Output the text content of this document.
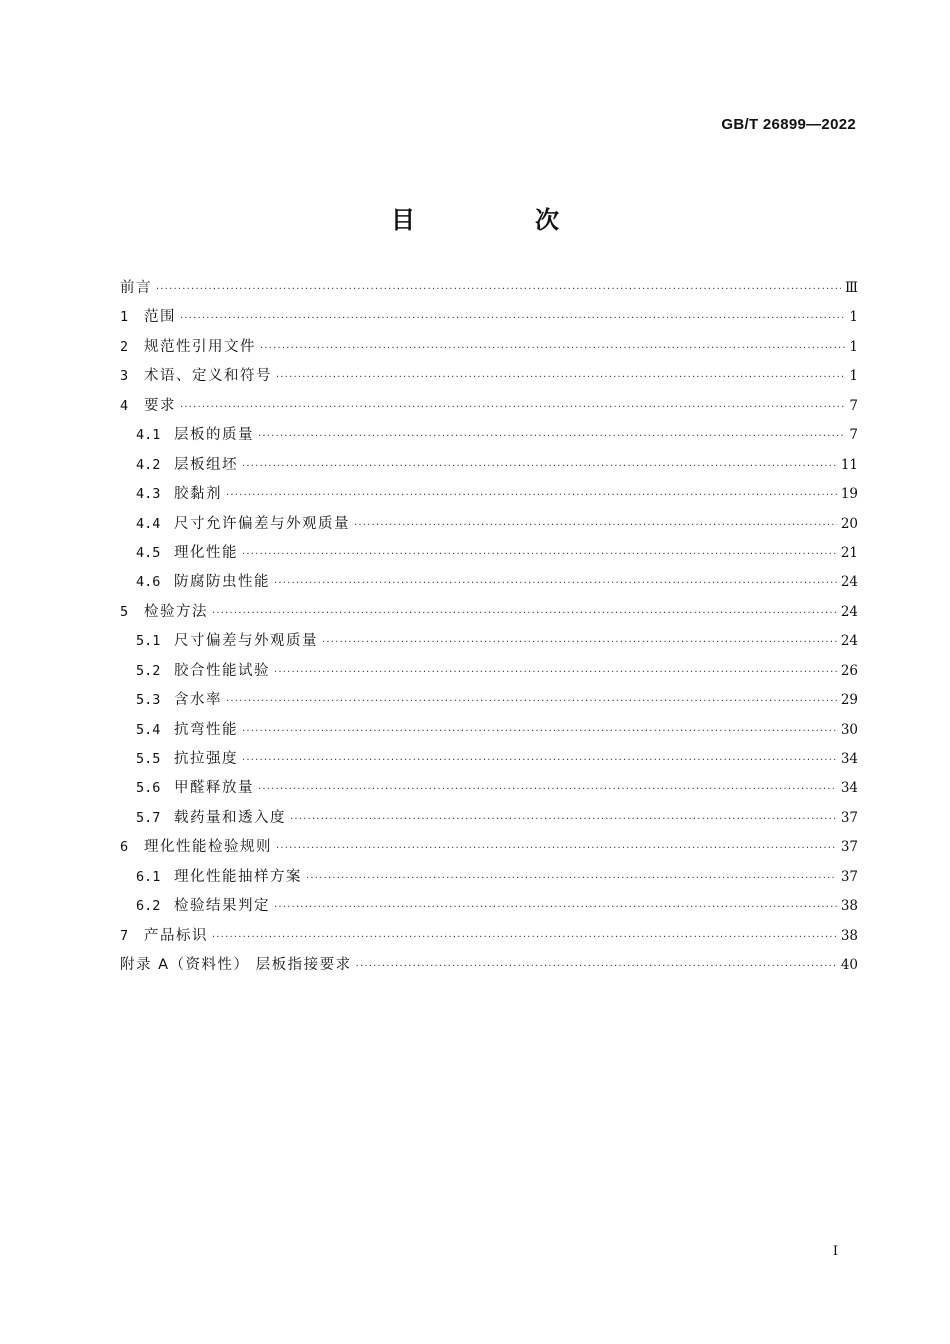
GB/T 26899—2022
目　次
前言 ·····	Ⅲ
1	范围 ·····	1
2	规范性引用文件 ·····	1
3	术语、定义和符号 ·····	1
4	要求 ·····	7
4.1 层板的质量 ·····	7
4.2 层板组坯 ·····	11
4.3 胶黏剂 ·····	19
4.4 尺寸允许偏差与外观质量 ·····	20
4.5 理化性能 ·····	21
4.6 防腐防虫性能 ·····	24
5	检验方法 ·····	24
5.1 尺寸偏差与外观质量 ·····	24
5.2 胶合性能试验 ·····	26
5.3 含水率 ·····	29
5.4 抗弯性能 ·····	30
5.5 抗拉强度 ·····	34
5.6 甲醛释放量 ·····	34
5.7 载药量和透入度 ·····	37
6	理化性能检验规则 ·····	37
6.1 理化性能抽样方案 ·····	37
6.2 检验结果判定 ·····	38
7	产品标识 ·····	38
附录 A（资料性） 层板指接要求 ·····	40
I
